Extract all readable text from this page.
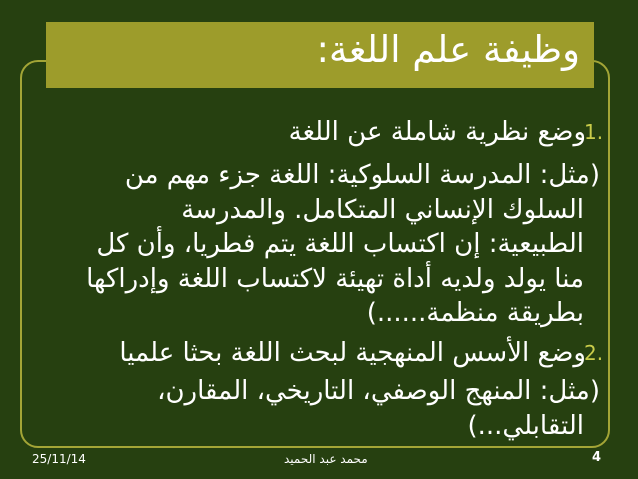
وظيفة علم اللغة:
1.
وضع نظرية شاملة عن اللغة
(مثل: المدرسة السلوكية: اللغة جزء مهم من
السلوك الإنساني المتكامل. والمدرسة
الطبيعية: إن اكتساب اللغة يتم فطريا، وأن كل
منا يولد ولديه أداة تهيئة لاكتساب اللغة وإدراكها
بطريقة منظمة......)
2.
وضع الأسس المنهجية لبحث اللغة بحثا علميا
(مثل: المنهج الوصفي، التاريخي، المقارن،
التقابلي...)
25/11/14	محمد عبد الحميد	4
